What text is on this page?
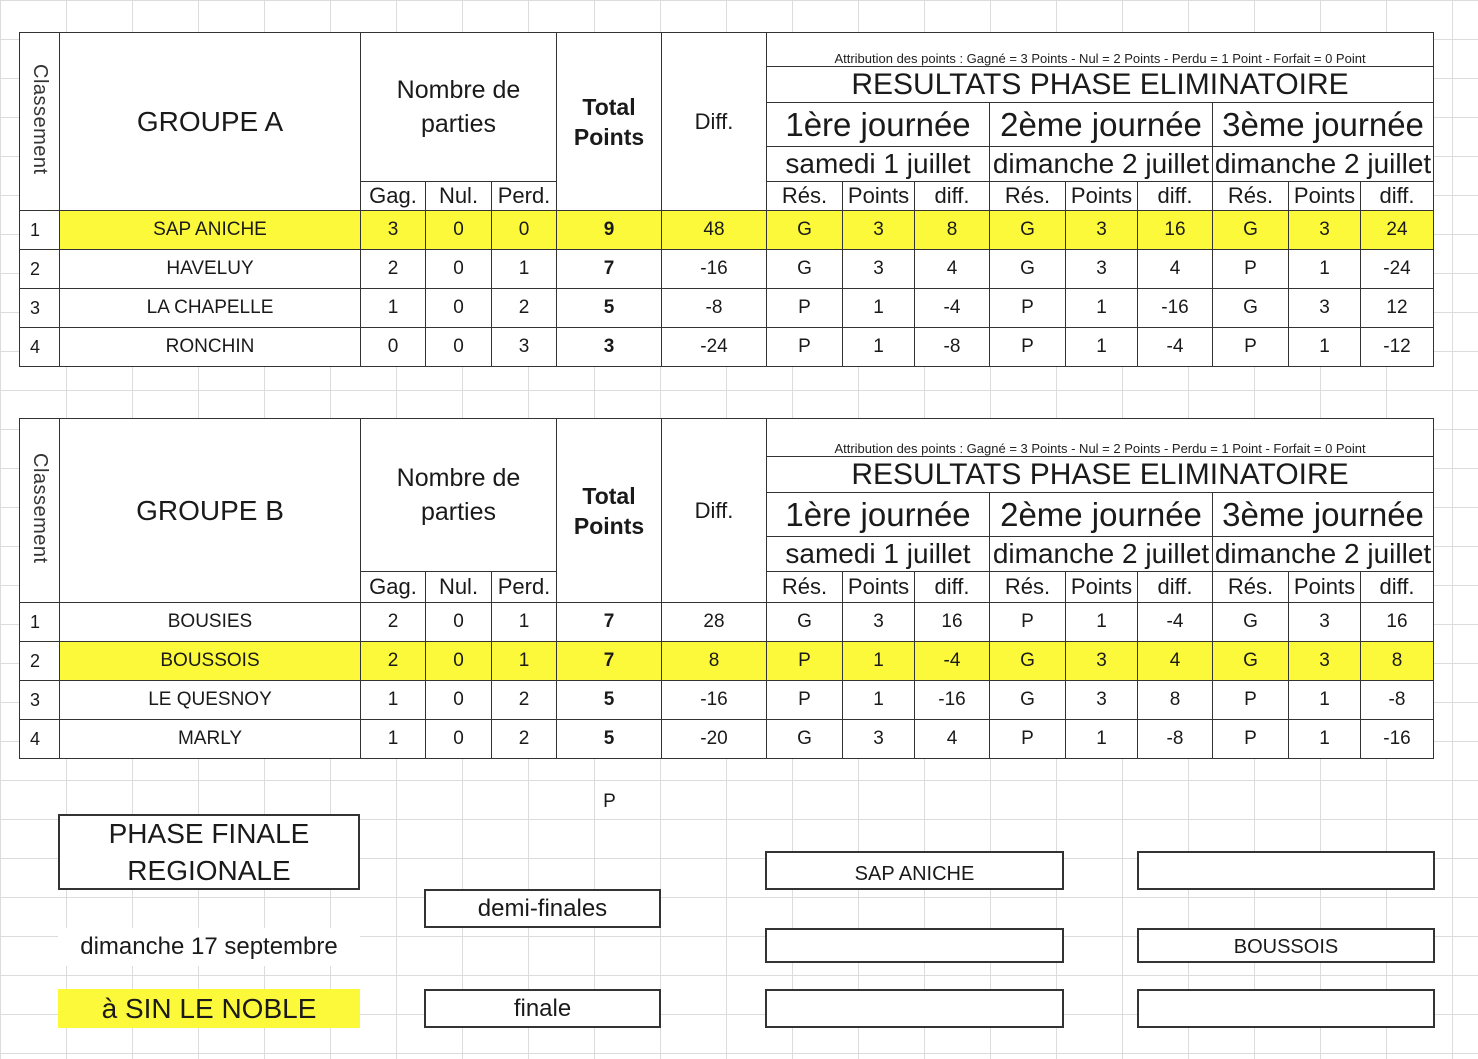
Classement	GROUPE A	Nombre de parties			Total
Points	Diff.	Attribution des points : Gagné = 3 Points - Nul = 2 Points - Perdu = 1 Point - Forfait = 0 Point								
							RESULTATS PHASE ELIMINATOIRE								
							1ère journée			2ème journée			3ème journée		
							samedi 1 juillet			dimanche 2 juillet			dimanche 2 juillet		
		Gag.	Nul.	Perd.			Rés.	Points	diff.	Rés.	Points	diff.	Rés.	Points	diff.
1	SAP ANICHE	3	0	0	9	48	G	3	8	G	3	16	G	3	24
2	HAVELUY	2	0	1	7	-16	G	3	4	G	3	4	P	1	-24
3	LA CHAPELLE	1	0	2	5	-8	P	1	-4	P	1	-16	G	3	12
4	RONCHIN	0	0	3	3	-24	P	1	-8	P	1	-4	P	1	-12
Classement	GROUPE B	Nombre de parties			Total
Points	Diff.	Attribution des points : Gagné = 3 Points - Nul = 2 Points - Perdu = 1 Point - Forfait = 0 Point								
							RESULTATS PHASE ELIMINATOIRE								
							1ère journée			2ème journée			3ème journée		
							samedi 1 juillet			dimanche 2 juillet			dimanche 2 juillet		
		Gag.	Nul.	Perd.			Rés.	Points	diff.	Rés.	Points	diff.	Rés.	Points	diff.
1	BOUSIES	2	0	1	7	28	G	3	16	P	1	-4	G	3	16
2	BOUSSOIS	2	0	1	7	8	P	1	-4	G	3	4	G	3	8
3	LE QUESNOY	1	0	2	5	-16	P	1	-16	G	3	8	P	1	-8
4	MARLY	1	0	2	5	-20	G	3	4	P	1	-8	P	1	-16
P
PHASE FINALE
REGIONALE
demi-finales
dimanche 17 septembre
à SIN LE NOBLE	finale
SAP ANICHE
BOUSSOIS
